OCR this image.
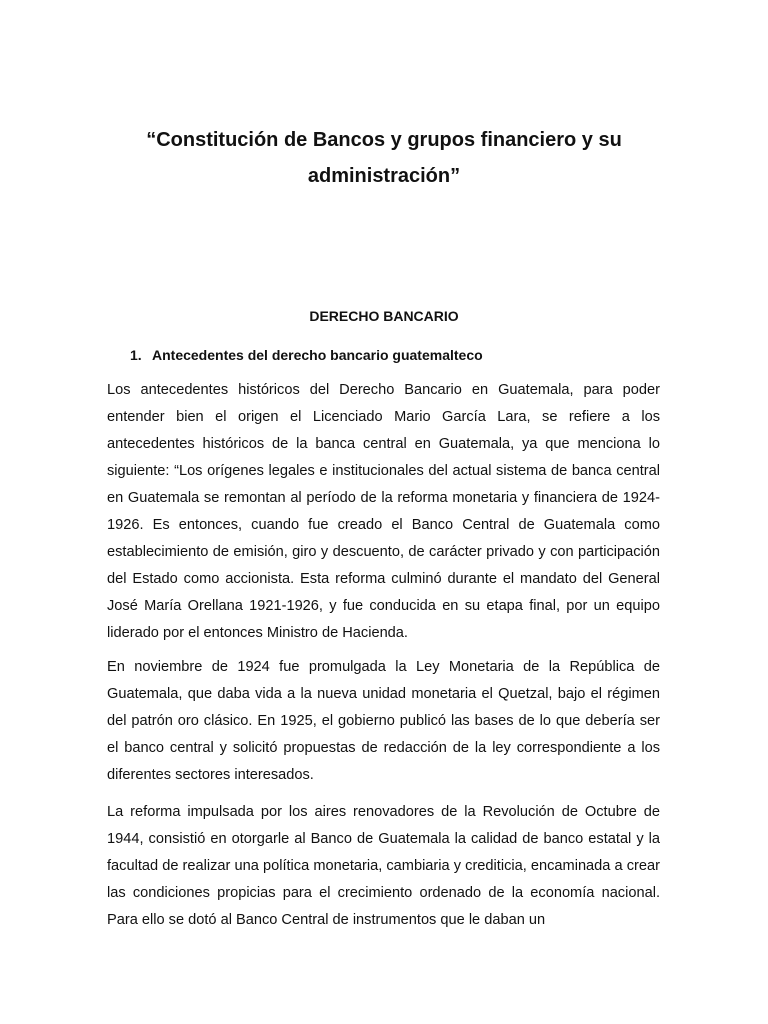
“Constitución de Bancos y grupos financiero y su administración”
DERECHO BANCARIO
1. Antecedentes del derecho bancario guatemalteco

Los antecedentes históricos del Derecho Bancario en Guatemala, para poder entender bien el origen el Licenciado Mario García Lara, se refiere a los antecedentes históricos de la banca central en Guatemala, ya que menciona lo siguiente: “Los orígenes legales e institucionales del actual sistema de banca central en Guatemala se remontan al período de la reforma monetaria y financiera de 1924-1926. Es entonces, cuando fue creado el Banco Central de Guatemala como establecimiento de emisión, giro y descuento, de carácter privado y con participación del Estado como accionista. Esta reforma culminó durante el mandato del General José María Orellana 1921-1926, y fue conducida en su etapa final, por un equipo liderado por el entonces Ministro de Hacienda.

En noviembre de 1924 fue promulgada la Ley Monetaria de la República de Guatemala, que daba vida a la nueva unidad monetaria el Quetzal, bajo el régimen del patrón oro clásico. En 1925, el gobierno publicó las bases de lo que debería ser el banco central y solicitó propuestas de redacción de la ley correspondiente a los diferentes sectores interesados.

La reforma impulsada por los aires renovadores de la Revolución de Octubre de 1944, consistió en otorgarle al Banco de Guatemala la calidad de banco estatal y la facultad de realizar una política monetaria, cambiaria y crediticia, encaminada a crear las condiciones propicias para el crecimiento ordenado de la economía nacional. Para ello se dotó al Banco Central de instrumentos que le daban un
